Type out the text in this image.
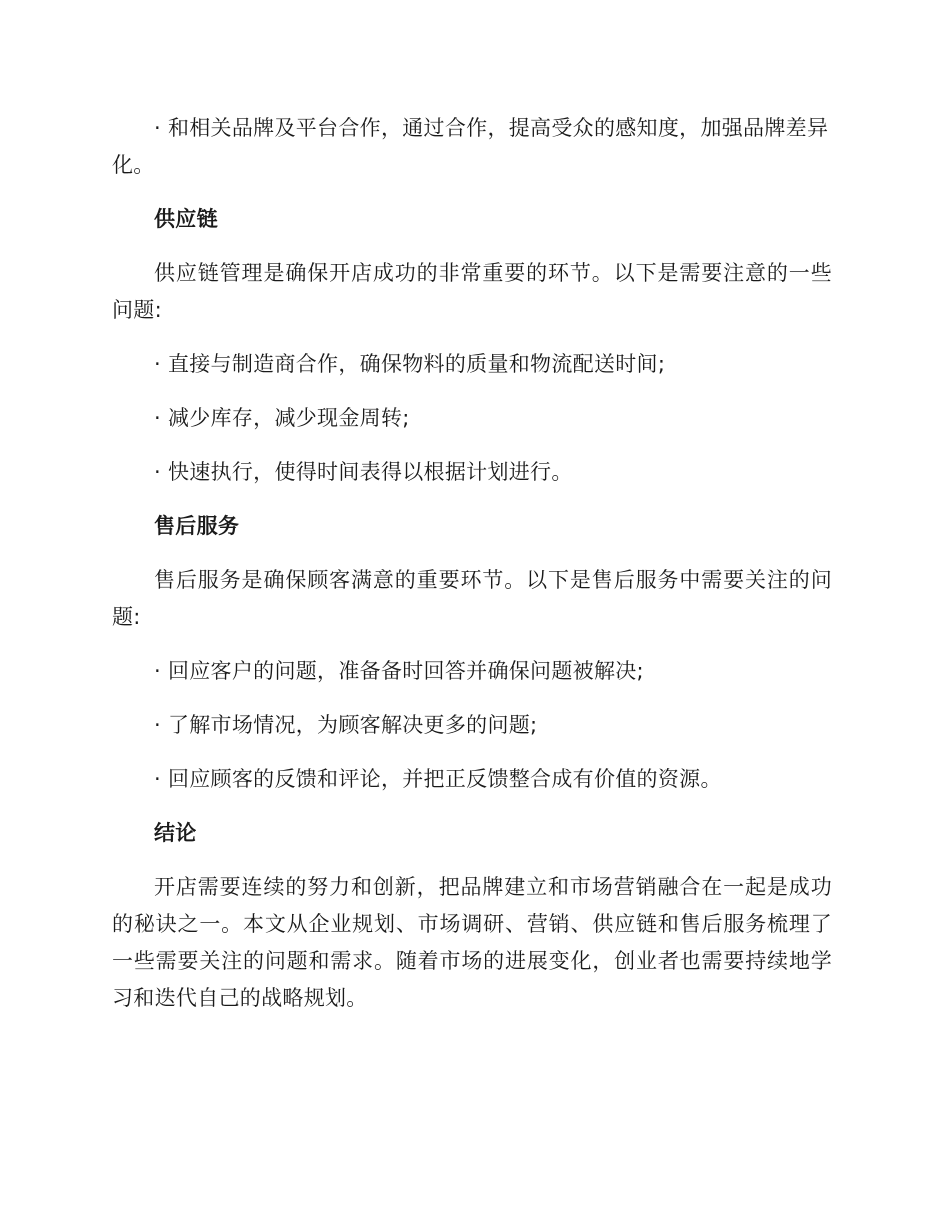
· 和相关品牌及平台合作，通过合作，提高受众的感知度，加强品牌差异化。

供应链

供应链管理是确保开店成功的非常重要的环节。以下是需要注意的一些问题:

· 直接与制造商合作，确保物料的质量和物流配送时间;

· 减少库存，减少现金周转;

· 快速执行，使得时间表得以根据计划进行。

售后服务

售后服务是确保顾客满意的重要环节。以下是售后服务中需要关注的问题:

· 回应客户的问题，准备备时回答并确保问题被解决;

· 了解市场情况，为顾客解决更多的问题;

· 回应顾客的反馈和评论，并把正反馈整合成有价值的资源。

结论

开店需要连续的努力和创新，把品牌建立和市场营销融合在一起是成功的秘诀之一。本文从企业规划、市场调研、营销、供应链和售后服务梳理了一些需要关注的问题和需求。随着市场的进展变化，创业者也需要持续地学习和迭代自己的战略规划。
